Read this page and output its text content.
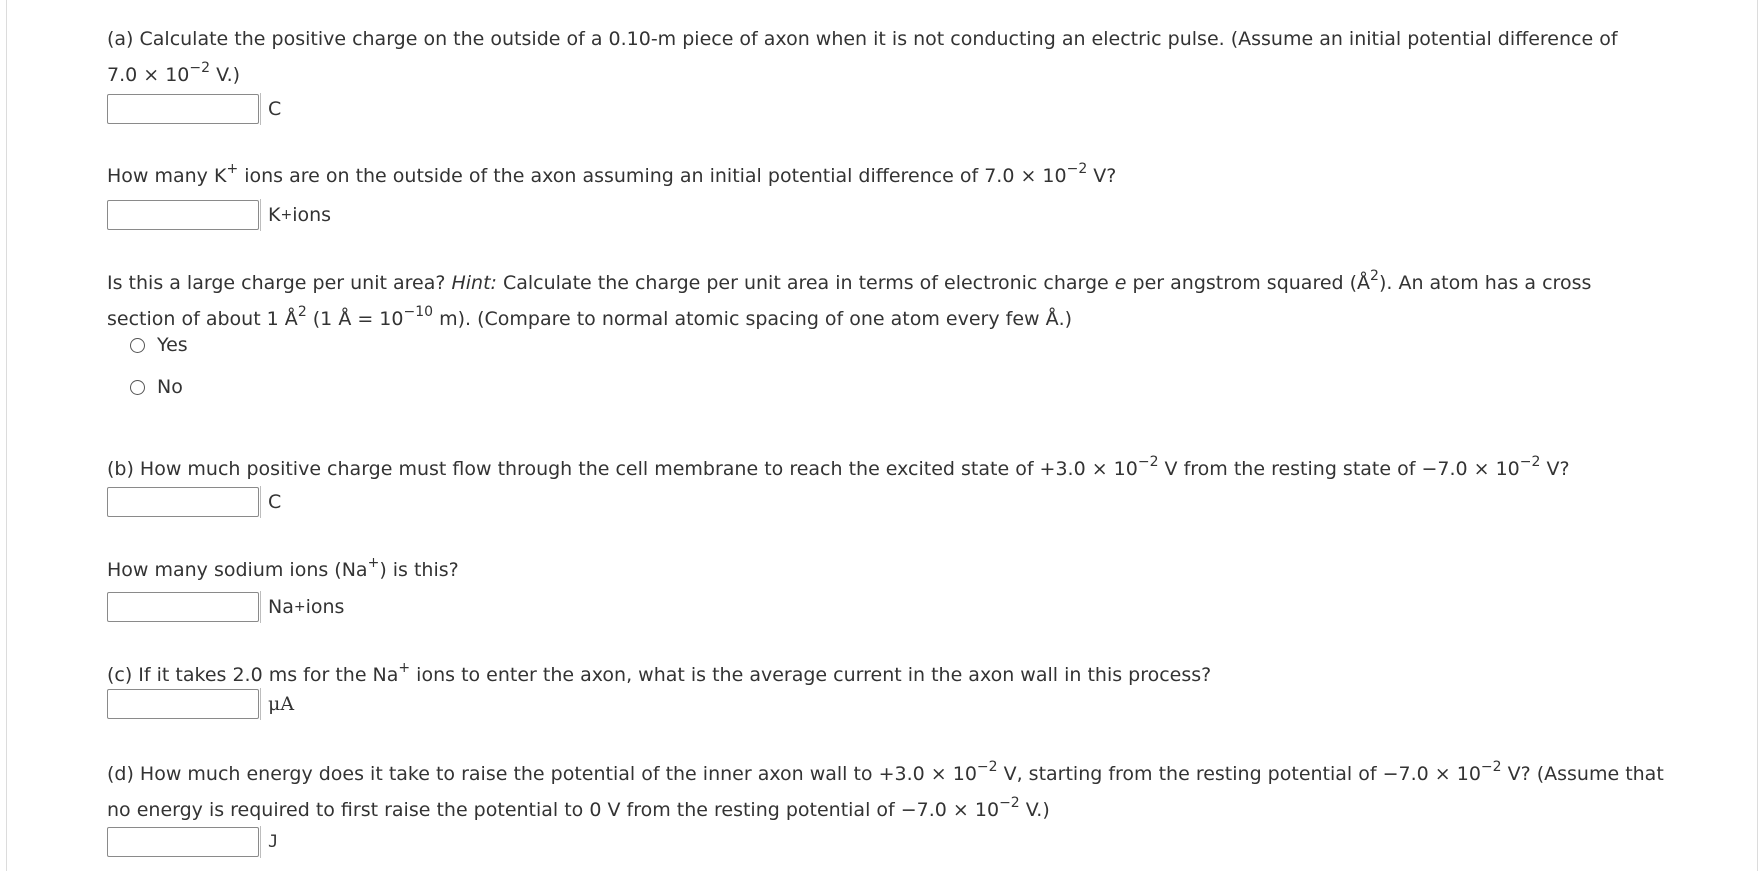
(a) Calculate the positive charge on the outside of a 0.10-m piece of axon when it is not conducting an electric pulse. (Assume an initial potential difference of
$7.0 \times 10^{-2}$ V.)
C
How many K+ ions are on the outside of the axon assuming an initial potential difference of $7.0 \times 10^{-2}$ V?
K + ions
Is this a large charge per unit area? Hint: Calculate the charge per unit area in terms of electronic charge e per angstrom squared $(Å^2)$. An atom has a cross
section of about 1 $Å^2$ (1 Å = $10^{-10}$ m). (Compare to normal atomic spacing of one atom every few Å.)
Yes
No
(b) How much positive charge must flow through the cell membrane to reach the excited state of $+3.0 \times 10^{-2}$ V from the resting state of $-7.0 \times 10^{-2}$ V?
C
How many sodium ions (Na+) is this?
Na + ions
(c) If it takes 2.0 ms for the Na+ ions to enter the axon, what is the average current in the axon wall in this process?
μA
(d) How much energy does it take to raise the potential of the inner axon wall to $+3.0 \times 10^{-2}$ V, starting from the resting potential of $-7.0 \times 10^{-2}$ V? (Assume that
no energy is required to first raise the potential to 0 V from the resting potential of $-7.0 \times 10^{-2}$ V.)
J
